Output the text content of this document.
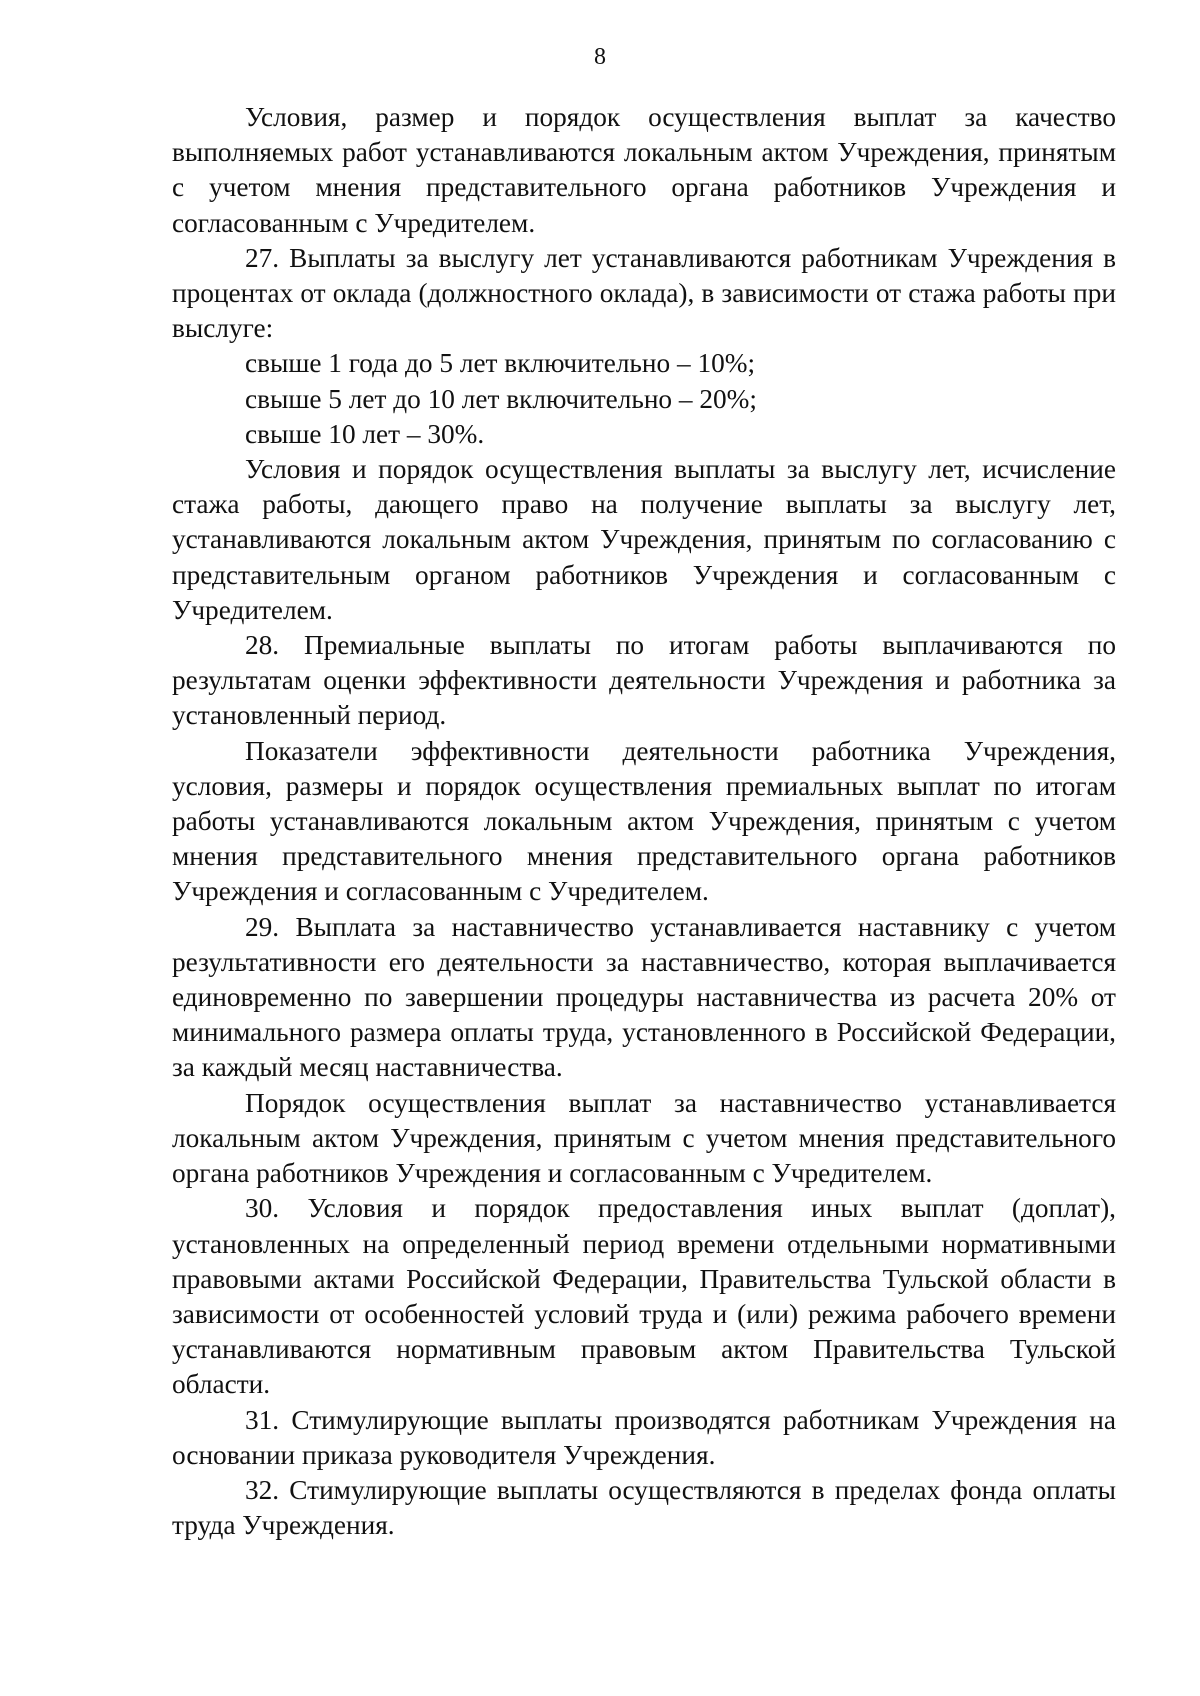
8

Условия, размер и порядок осуществления выплат за качество выполняемых работ устанавливаются локальным актом Учреждения, принятым с учетом мнения представительного органа работников Учреждения и согласованным с Учредителем.

27. Выплаты за выслугу лет устанавливаются работникам Учреждения в процентах от оклада (должностного оклада), в зависимости от стажа работы при выслуге:

свыше 1 года до 5 лет включительно – 10%;

свыше 5 лет до 10 лет включительно – 20%;

свыше 10 лет – 30%.

Условия и порядок осуществления выплаты за выслугу лет, исчисление стажа работы, дающего право на получение выплаты за выслугу лет, устанавливаются локальным актом Учреждения, принятым по согласованию с представительным органом работников Учреждения и согласованным с Учредителем.

28. Премиальные выплаты по итогам работы выплачиваются по результатам оценки эффективности деятельности Учреждения и работника за установленный период.

Показатели эффективности деятельности работника Учреждения, условия, размеры и порядок осуществления премиальных выплат по итогам работы устанавливаются локальным актом Учреждения, принятым с учетом мнения представительного мнения представительного органа работников Учреждения и согласованным с Учредителем.

29. Выплата за наставничество устанавливается наставнику с учетом результативности его деятельности за наставничество, которая выплачивается единовременно по завершении процедуры наставничества из расчета 20% от минимального размера оплаты труда, установленного в Российской Федерации, за каждый месяц наставничества.

Порядок осуществления выплат за наставничество устанавливается локальным актом Учреждения, принятым с учетом мнения представительного органа работников Учреждения и согласованным с Учредителем.

30. Условия и порядок предоставления иных выплат (доплат), установленных на определенный период времени отдельными нормативными правовыми актами Российской Федерации, Правительства Тульской области в зависимости от особенностей условий труда и (или) режима рабочего времени устанавливаются нормативным правовым актом Правительства Тульской области.

31. Стимулирующие выплаты производятся работникам Учреждения на основании приказа руководителя Учреждения.

32. Стимулирующие выплаты осуществляются в пределах фонда оплаты труда Учреждения.
